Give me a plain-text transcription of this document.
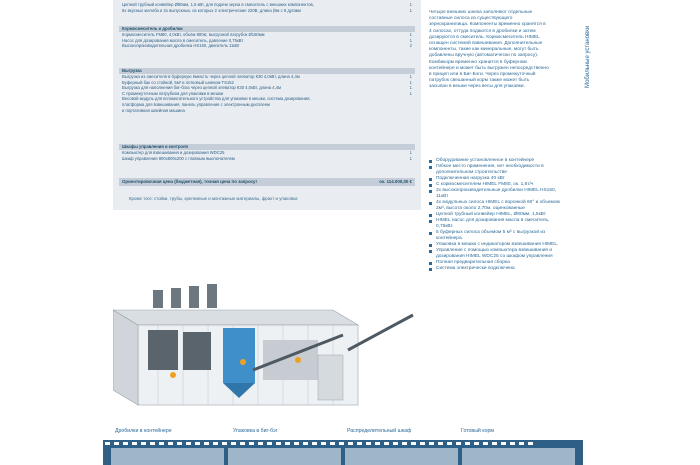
Цепной трубный конвейер Ø80мм, 1,5 кВт, для подачи зерна в смеситель с внешних компонентов,	1
6x вкусных желоба и 2x выпускных, из которых 2 электрические 220В, длина (8м с 8 дугами	1
Кормосмеситель и дробилки
Кормосмеситель FM80, 4,0кВт, объём 800кг, выгрузной патрубок Ø150мм	1
Насос для дозирования масла в смеситель, давление 0,75кВт	1
Высокопроизводительная дробилка HS150, двигатель 11кВт	2
Выгрузка
Выгрузка из смесителя в буферную ёмкость через цепной элеватор К30 4,0кВт, длина 4,4м	1
Буферный бак со стойкой, 5м³ и лотковый шнеком ТS152	1
Выгрузка для наполнения биг-бэга через цепной элеватор К30 4,0кВт, длина 4,4м	1
С промежуточным патрубком для упаковки в мешки	1
Весовой модуль для вспомогательного устройства для упаковки в мешки, система дозирования,
платформа для взвешивания, панель управления с электронным дисплеем
и портативная швейная машина
Шкафы управления и контроля
Компьютер для взвешивания и дозирования WDC25	1
Шкаф управления 800x800x200 с главным выключателем	1
Ориентировочная цена (бюджетная), точная цена по запросу!	ок. 114.000,00 €
Кроме того: стойки, трубы, крепежные и монтажные материалы, фрахт и упаковка
Четыре внешних шнека заполняют отдельные составные силоса из существующего зернохранилища. Компоненты временно хранятся в 4 силосах, оттуда подаются в дробилки и затем дозируются в смеситель. Кормосмеситель HIMEL оснащен системой взвешивания. Дополнительные компоненты, такие как минеральные, могут быть добавлены вручную (автоматически по запросу). Комбикорм временно хранится в буферном контейнере и может быть выгружен непосредственно в прицеп или в Биг-Бэги. Через промежуточный патрубок свешанный корм также может быть засыпан в вешки через весы для упаковки.
Оборудование установленное в контейнере
Гибкое место применения, нет необходимости в дополнительном строительстве
Подключенная нагрузка 40 кВт
С кормосмесителем HIMEL FM80, ок. 1,6т/ч
2x высокопроизводительные дробилки HIMEL HS150, 11кВт
4x модульных силоса HIMEL с воронкой 60° и объемом 2м³, высота около 2,70м, оцинкованные
Цепной трубный конвейер HIMEL, Ø80мм, 1,5кВт
HIMEL насос для дозирования масла в смеситель, 0,75кВт.
5 буферных силоса объемом 5 м³ с выгрузкой из контейнера.
Упаковка в мешки с индикатором взвешивания HIMEL.
Управление с помощью компьютера взвешивания и дозирования HIMEL WDC25 со шкафом управления
Полная предварительная сборка
Система электрически подключена
Мобильные установки
Дробилки в контейнере	Упаковка в биг-бэг	Распределительный шкаф	Готовый корм
